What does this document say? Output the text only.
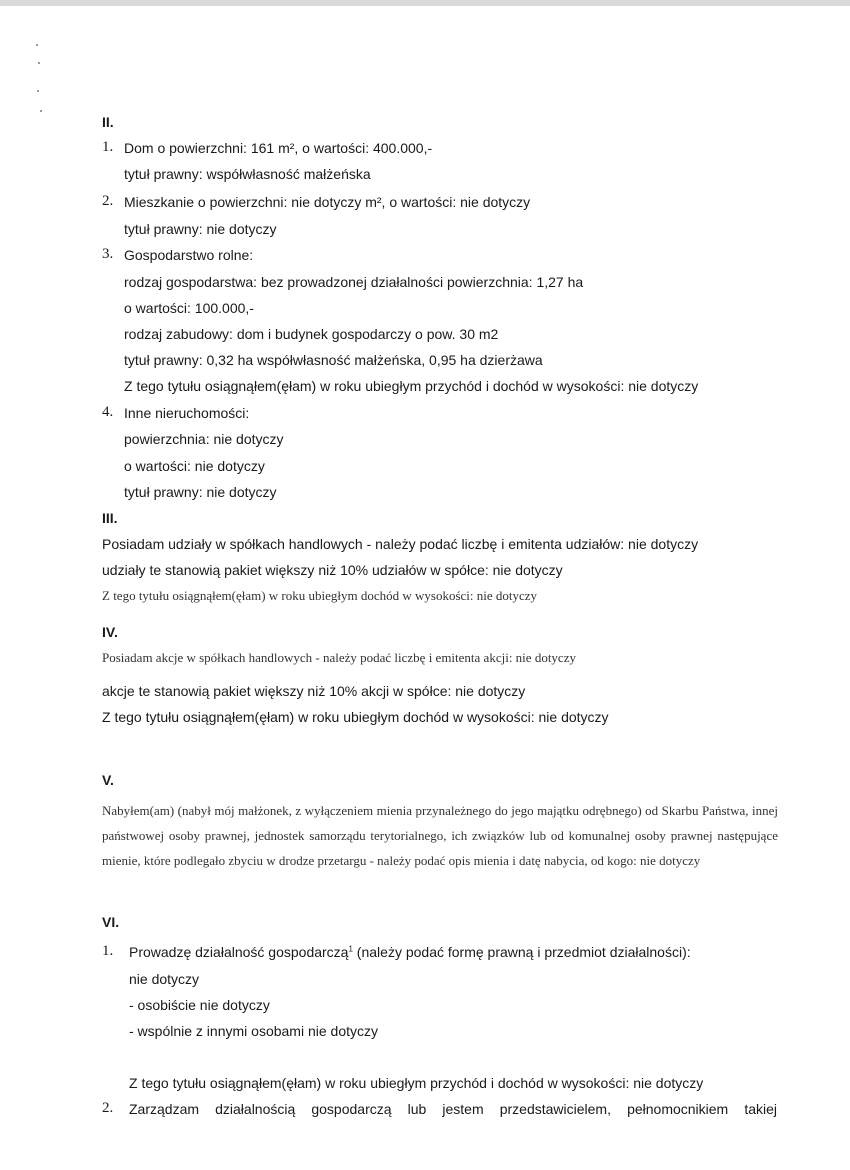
II.
1. Dom o powierzchni: 161 m², o wartości: 400.000,-
tytuł prawny: współwłasność małżeńska
2. Mieszkanie o powierzchni: nie dotyczy m², o wartości: nie dotyczy
tytuł prawny: nie dotyczy
3. Gospodarstwo rolne:
rodzaj gospodarstwa: bez prowadzonej działalności powierzchnia: 1,27 ha
o wartości: 100.000,-
rodzaj zabudowy: dom i budynek gospodarczy o pow. 30 m2
tytuł prawny: 0,32 ha współwłasność małżeńska, 0,95 ha dzierżawa
Z tego tytułu osiągnąłem(ęłam) w roku ubiegłym przychód i dochód w wysokości: nie dotyczy
4. Inne nieruchomości:
powierzchnia: nie dotyczy
o wartości: nie dotyczy
tytuł prawny: nie dotyczy
III.
Posiadam udziały w spółkach handlowych - należy podać liczbę i emitenta udziałów: nie dotyczy
udziały te stanowią pakiet większy niż 10% udziałów w spółce: nie dotyczy
Z tego tytułu osiągnąłem(ęłam) w roku ubiegłym dochód w wysokości: nie dotyczy
IV.
Posiadam akcje w spółkach handlowych - należy podać liczbę i emitenta akcji: nie dotyczy
akcje te stanowią pakiet większy niż 10% akcji w spółce: nie dotyczy
Z tego tytułu osiągnąłem(ęłam) w roku ubiegłym dochód w wysokości: nie dotyczy
V.
Nabyłem(am) (nabył mój małżonek, z wyłączeniem mienia przynależnego do jego majątku odrębnego) od Skarbu Państwa, innej państwowej osoby prawnej, jednostek samorządu terytorialnego, ich związków lub od komunalnej osoby prawnej następujące mienie, które podlegało zbyciu w drodze przetargu - należy podać opis mienia i datę nabycia, od kogo: nie dotyczy
VI.
1. Prowadzę działalność gospodarczą$^1$ (należy podać formę prawną i przedmiot działalności):
nie dotyczy
- osobiście nie dotyczy
- wspólnie z innymi osobami nie dotyczy
Z tego tytułu osiągnąłem(ęłam) w roku ubiegłym przychód i dochód w wysokości: nie dotyczy
2. Zarządzam działalnością gospodarczą lub jestem przedstawicielem, pełnomocnikiem takiej
